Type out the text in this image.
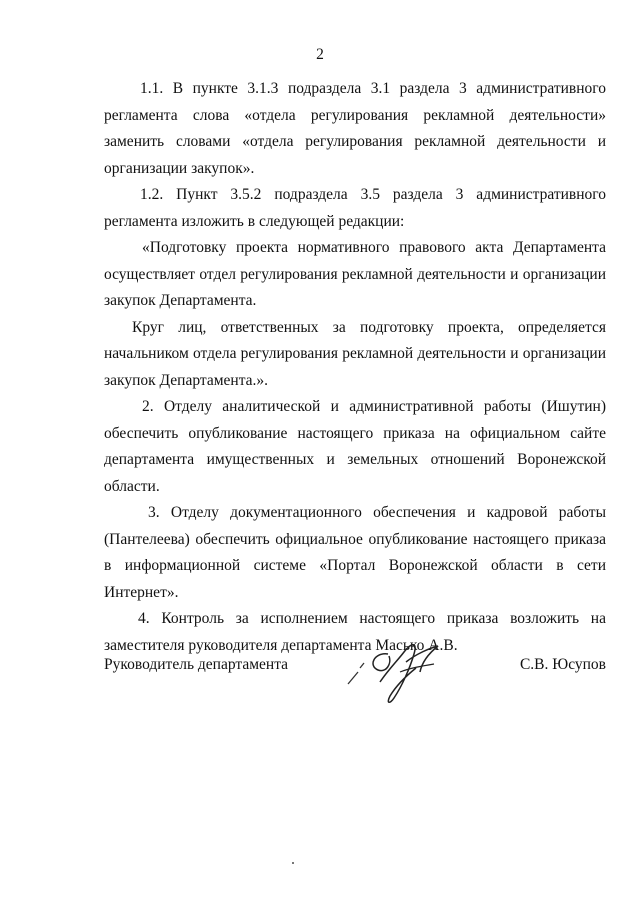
2

1.1. В пункте 3.1.3 подраздела 3.1 раздела 3 административного регламента слова «отдела регулирования рекламной деятельности» заменить словами «отдела регулирования рекламной деятельности и организации закупок».

1.2. Пункт 3.5.2 подраздела 3.5 раздела 3 административного регламента изложить в следующей редакции:

«Подготовку проекта нормативного правового акта Департамента осуществляет отдел регулирования рекламной деятельности и организации закупок Департамента.

Круг лиц, ответственных за подготовку проекта, определяется начальником отдела регулирования рекламной деятельности и организации закупок Департамента.».

2. Отделу аналитической и административной работы (Ишутин) обеспечить опубликование настоящего приказа на официальном сайте департамента имущественных и земельных отношений Воронежской области.

3. Отделу документационного обеспечения и кадровой работы (Пантелеева) обеспечить официальное опубликование настоящего приказа в информационной системе «Портал Воронежской области в сети Интернет».

4. Контроль за исполнением настоящего приказа возложить на заместителя руководителя департамента Масько А.В.

Руководитель департамента	С.В. Юсупов
